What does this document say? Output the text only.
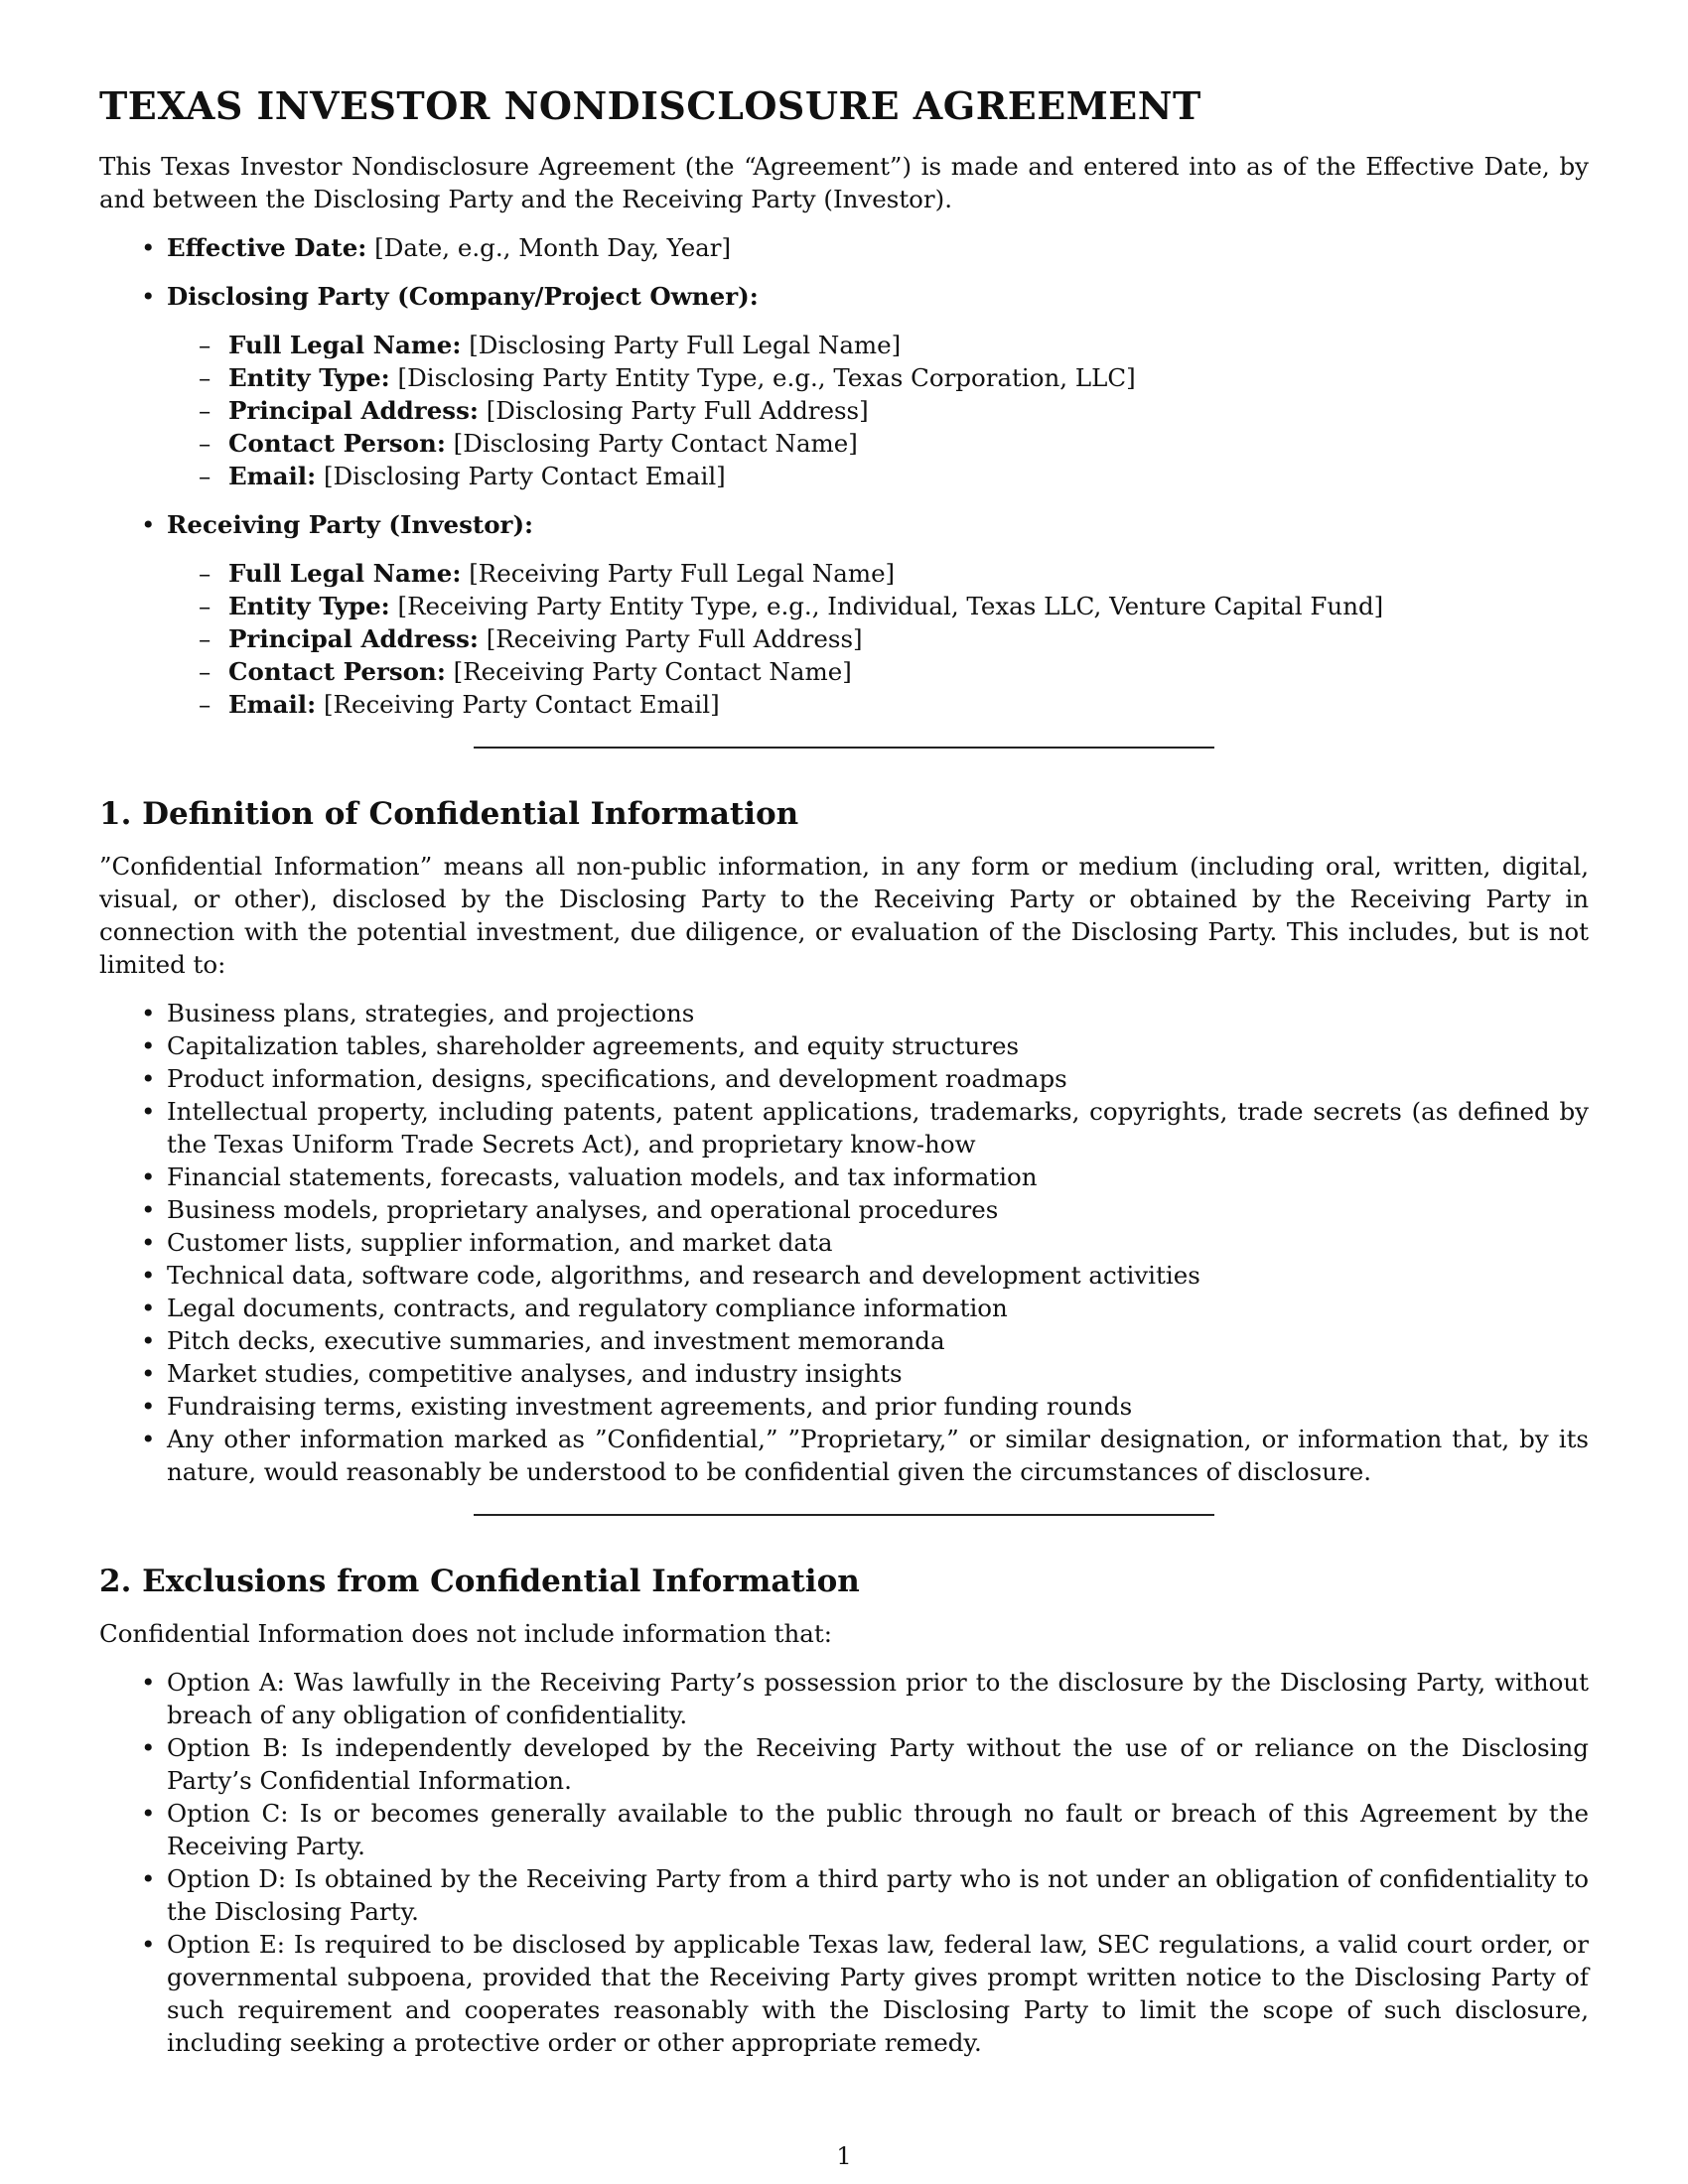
TEXAS INVESTOR NONDISCLOSURE AGREEMENT

This Texas Investor Nondisclosure Agreement (the “Agreement”) is made and entered into as of the Effective Date, by and between the Disclosing Party and the Receiving Party (Investor).

• Effective Date: [Date, e.g., Month Day, Year]
• Disclosing Party (Company/Project Owner):
– Full Legal Name: [Disclosing Party Full Legal Name]
– Entity Type: [Disclosing Party Entity Type, e.g., Texas Corporation, LLC]
– Principal Address: [Disclosing Party Full Address]
– Contact Person: [Disclosing Party Contact Name]
– Email: [Disclosing Party Contact Email]
• Receiving Party (Investor):
– Full Legal Name: [Receiving Party Full Legal Name]
– Entity Type: [Receiving Party Entity Type, e.g., Individual, Texas LLC, Venture Capital Fund]
– Principal Address: [Receiving Party Full Address]
– Contact Person: [Receiving Party Contact Name]
– Email: [Receiving Party Contact Email]
1. Definition of Confidential Information

”Confidential Information” means all non-public information, in any form or medium (including oral, written, digital, visual, or other), disclosed by the Disclosing Party to the Receiving Party or obtained by the Receiving Party in connection with the potential investment, due diligence, or evaluation of the Disclosing Party. This includes, but is not limited to:

• Business plans, strategies, and projections
• Capitalization tables, shareholder agreements, and equity structures
• Product information, designs, specifications, and development roadmaps
• Intellectual property, including patents, patent applications, trademarks, copyrights, trade secrets (as defined by the Texas Uniform Trade Secrets Act), and proprietary know-how
• Financial statements, forecasts, valuation models, and tax information
• Business models, proprietary analyses, and operational procedures
• Customer lists, supplier information, and market data
• Technical data, software code, algorithms, and research and development activities
• Legal documents, contracts, and regulatory compliance information
• Pitch decks, executive summaries, and investment memoranda
• Market studies, competitive analyses, and industry insights
• Fundraising terms, existing investment agreements, and prior funding rounds
• Any other information marked as ”Confidential,” ”Proprietary,” or similar designation, or information that, by its nature, would reasonably be understood to be confidential given the circumstances of disclosure.
2. Exclusions from Confidential Information

Confidential Information does not include information that:

• Option A: Was lawfully in the Receiving Party’s possession prior to the disclosure by the Disclosing Party, without breach of any obligation of confidentiality.
• Option B: Is independently developed by the Receiving Party without the use of or reliance on the Disclosing Party’s Confidential Information.
• Option C: Is or becomes generally available to the public through no fault or breach of this Agreement by the Receiving Party.
• Option D: Is obtained by the Receiving Party from a third party who is not under an obligation of confidentiality to the Disclosing Party.
• Option E: Is required to be disclosed by applicable Texas law, federal law, SEC regulations, a valid court order, or governmental subpoena, provided that the Receiving Party gives prompt written notice to the Disclosing Party of such requirement and cooperates reasonably with the Disclosing Party to limit the scope of such disclosure, including seeking a protective order or other appropriate remedy.
1
